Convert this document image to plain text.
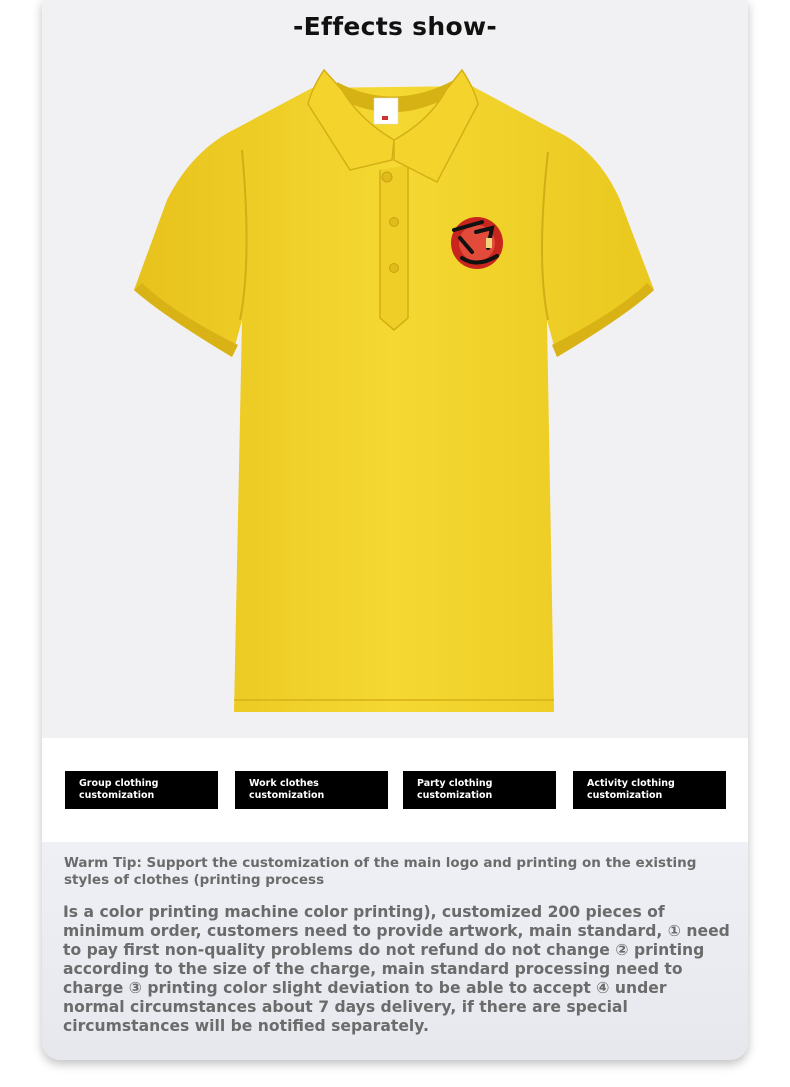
-Effects show-
Group clothing customization
Work clothes customization
Party clothing customization
Activity clothing customization
Warm Tip: Support the customization of the main logo and printing on the existing styles of clothes (printing process
Is a color printing machine color printing), customized 200 pieces of minimum order, customers need to provide artwork, main standard, ① need to pay first non-quality problems do not refund do not change ② printing according to the size of the charge, main standard processing need to charge ③ printing color slight deviation to be able to accept ④ under normal circumstances about 7 days delivery, if there are special circumstances will be notified separately.
